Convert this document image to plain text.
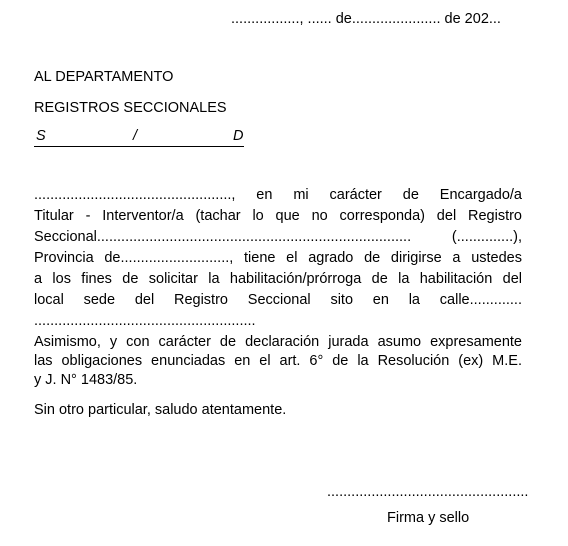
................., ...... de...................... de 202...
AL DEPARTAMENTO
REGISTROS SECCIONALES
S	/	D
................................................., en mi carácter de Encargado/a
Titular - Interventor/a (tachar lo que no corresponda) del Registro
Seccional.............................................................................. (..............),
Provincia de..........................., tiene el agrado de dirigirse a ustedes
a los fines de solicitar la habilitación/prórroga de la habilitación del
local sede del Registro Seccional sito en la calle.............
.......................................................
Asimismo, y con carácter de declaración jurada asumo expresamente
las obligaciones enunciadas en el art. 6° de la Resolución (ex) M.E.
y J. N° 1483/85.
Sin otro particular, saludo atentamente.
..................................................
Firma y sello
